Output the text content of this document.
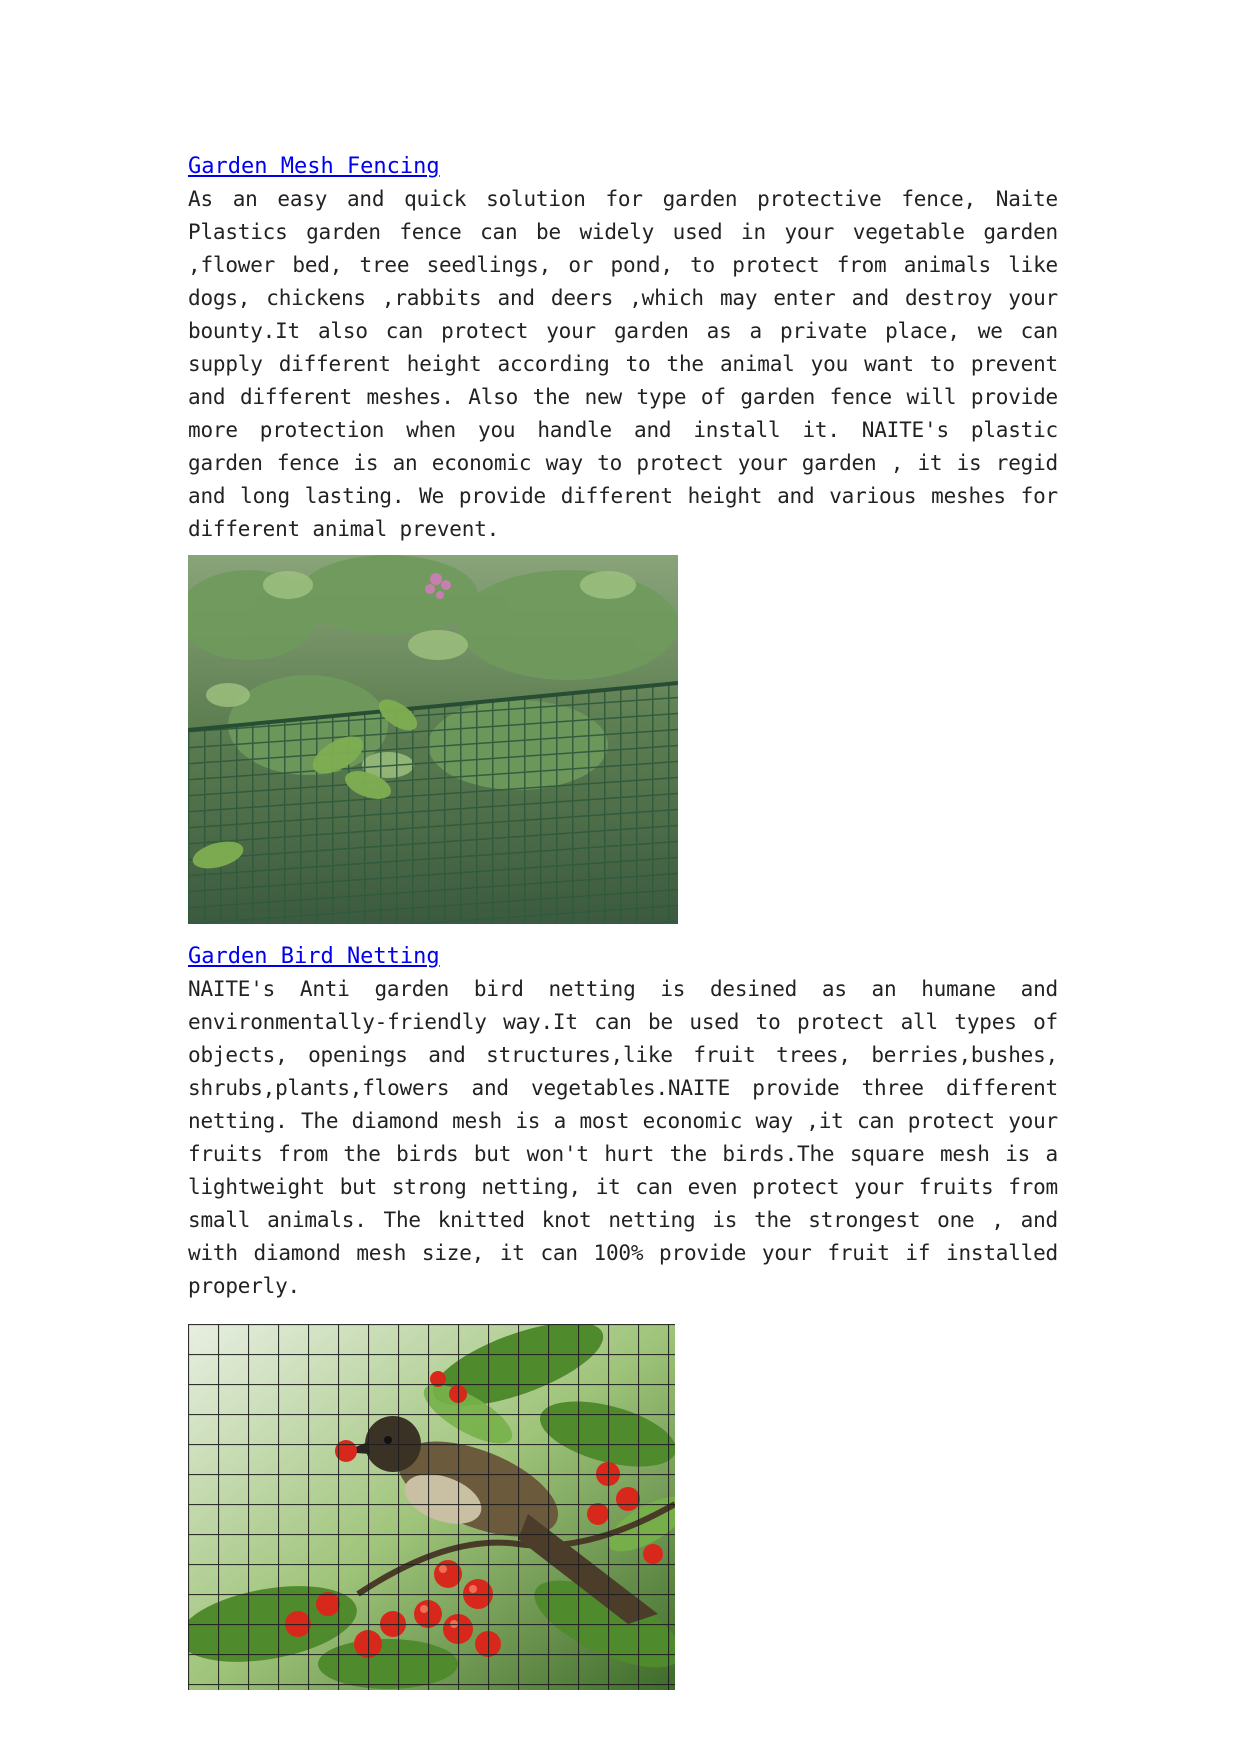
Garden Mesh Fencing

As an easy and quick solution for garden protective fence, Naite Plastics garden fence can be widely used in your vegetable garden ,flower bed, tree seedlings, or pond, to protect from animals like dogs, chickens ,rabbits and deers ,which may enter and destroy your bounty.It also can protect your garden as a private place, we can supply different height according to the animal you want to prevent and different meshes. Also the new type of garden fence will provide more protection when you handle and install it. NAITE's plastic garden fence is an economic way to protect your garden , it is regid and long lasting. We provide different height and various meshes for different animal prevent.

Garden Bird Netting

NAITE's Anti garden bird netting is desined as an humane and environmentally-friendly way.It can be used to protect all types of objects, openings and structures,like fruit trees, berries,bushes, shrubs,plants,flowers and vegetables.NAITE provide three different netting. The diamond mesh is a most economic way ,it can protect your fruits from the birds but won't hurt the birds.The square mesh is a lightweight but strong netting, it can even protect your fruits from small animals. The knitted knot netting is the strongest one , and with diamond mesh size, it can 100% provide your fruit if installed properly.
